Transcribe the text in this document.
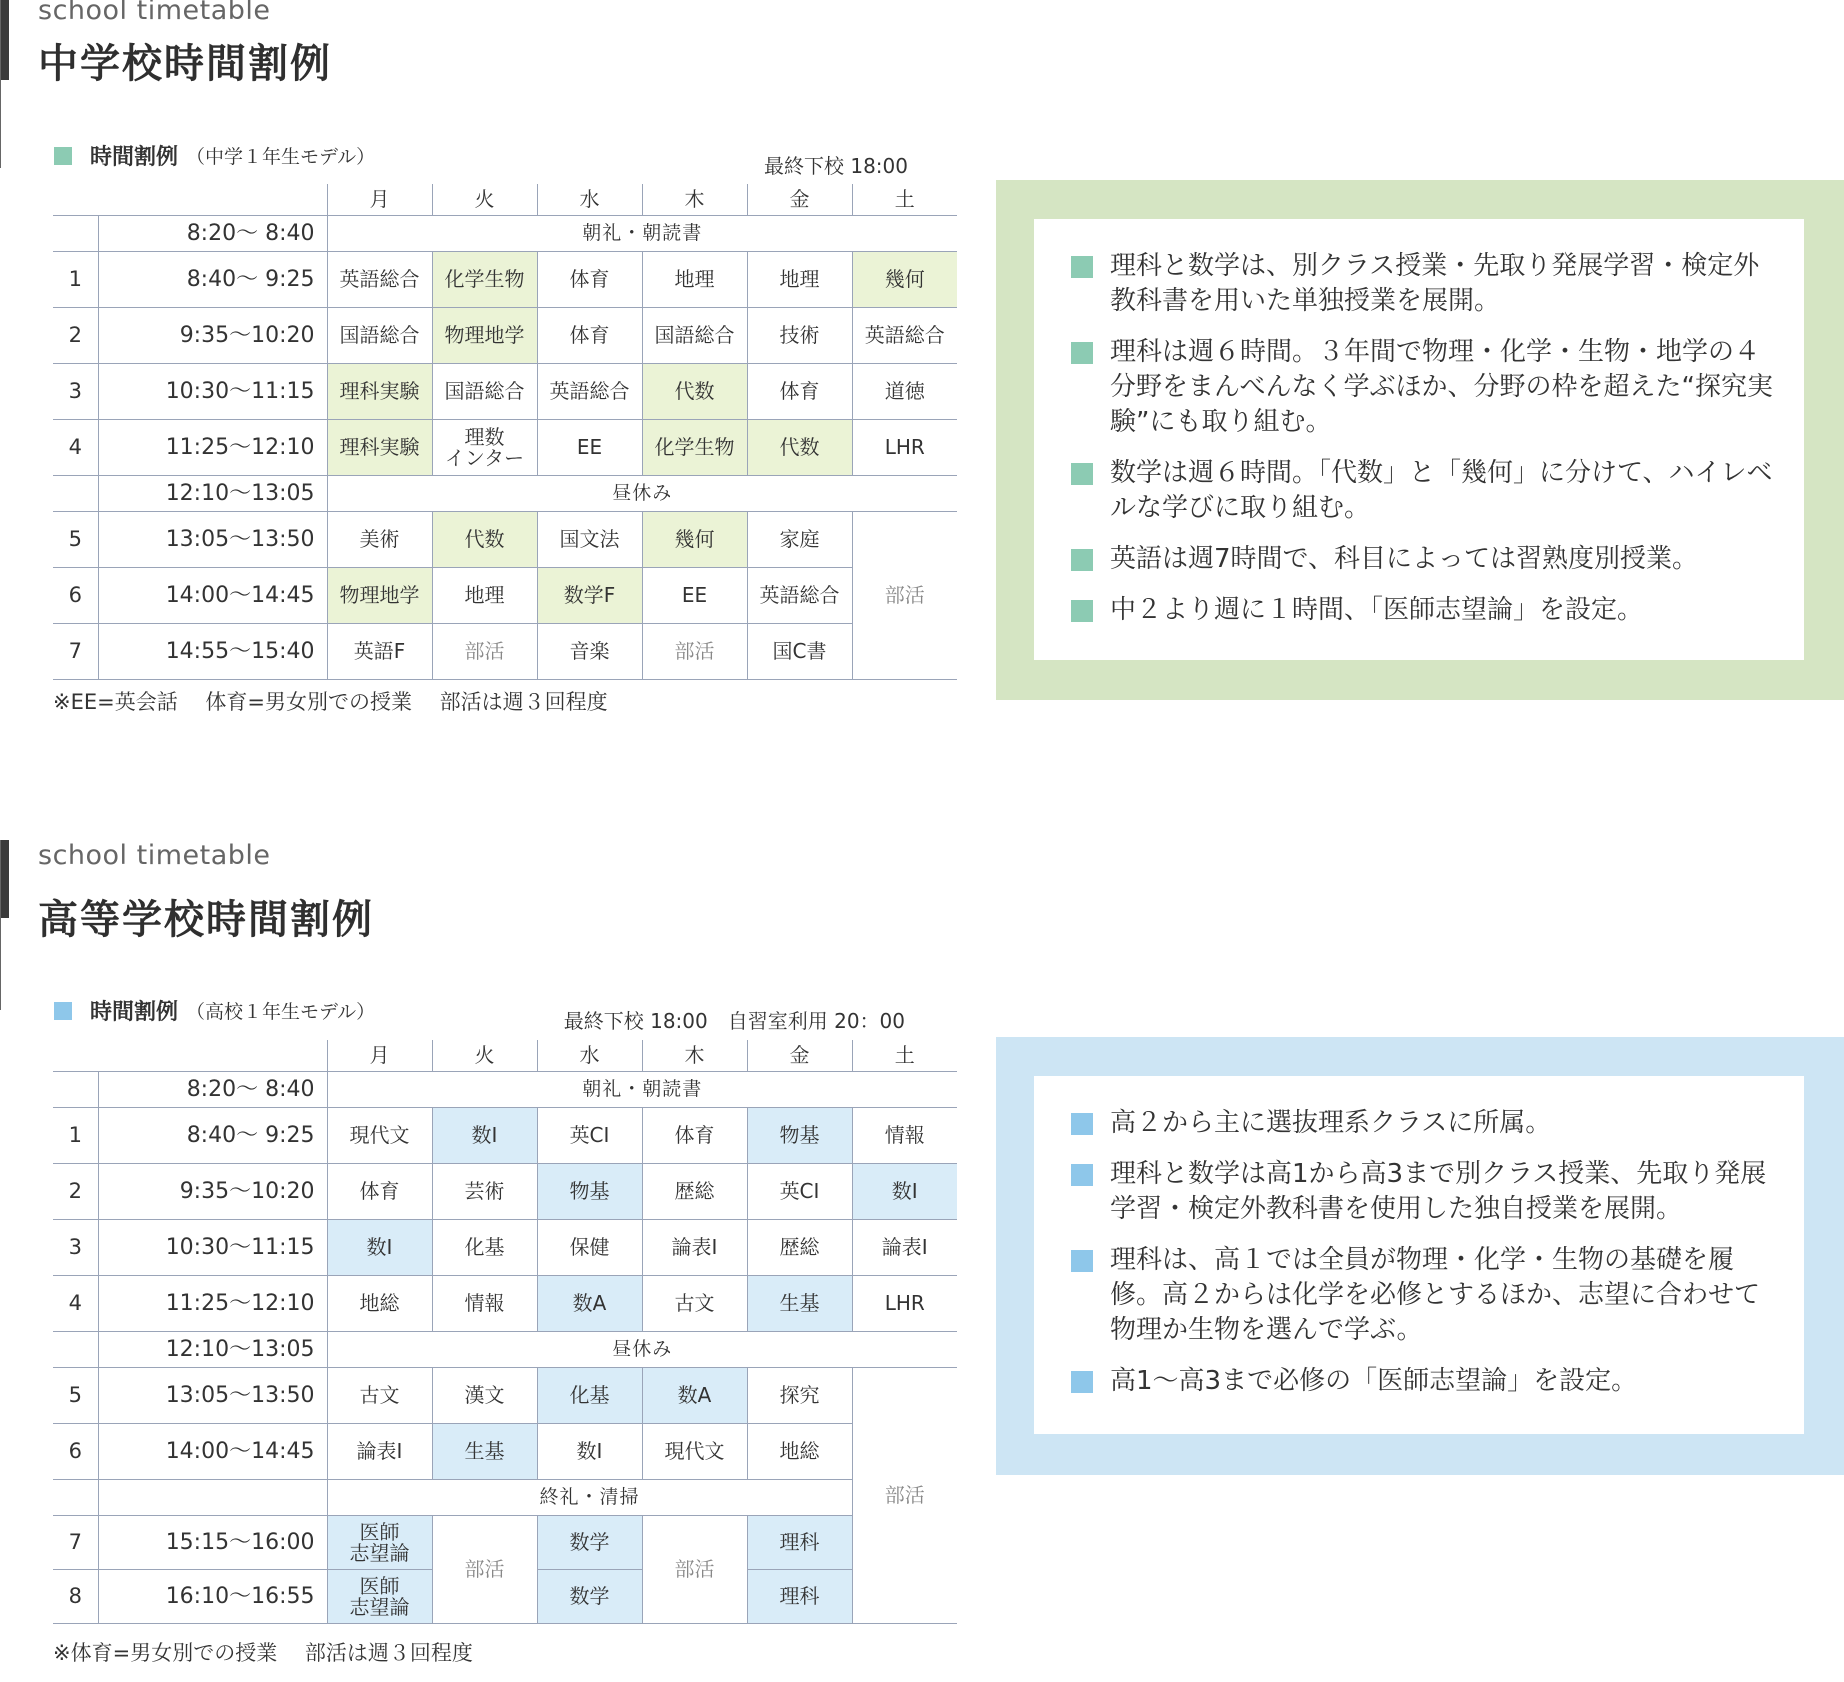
school timetable
中学校時間割例
時間割例 （中学１年生モデル）	最終下校 18:00
		月	火	水	木	金	土
	8:20～ 8:40	朝礼・朝読書					
1	8:40～ 9:25	英語総合	化学生物	体育	地理	地理	幾何
2	9:35～10:20	国語総合	物理地学	体育	国語総合	技術	英語総合
3	10:30～11:15	理科実験	国語総合	英語総合	代数	体育	道徳
4	11:25～12:10	理科実験	理数
インター	EE	化学生物	代数	LHR
	12:10～13:05	昼休み					
5	13:05～13:50	美術	代数	国文法	幾何	家庭	部活
6	14:00～14:45	物理地学	地理	数学F	EE	英語総合	
7	14:55～15:40	英語F	部活	音楽	部活	国C書	
※EE=英会話　 体育=男女別での授業　 部活は週３回程度
理科と数学は、別クラス授業・先取り発展学習・検定外教科書を用いた単独授業を展開。
理科は週６時間。３年間で物理・化学・生物・地学の４分野をまんべんなく学ぶほか、分野の枠を超えた“探究実験”にも取り組む。
数学は週６時間。「代数」と「幾何」に分けて、ハイレベルな学びに取り組む。
英語は週7時間で、科目によっては習熟度別授業。
中２より週に１時間、「医師志望論」を設定。
school timetable
高等学校時間割例
時間割例 （高校１年生モデル）	最終下校 18:00　自習室利用 20：00
		月	火	水	木	金	土
	8:20～ 8:40	朝礼・朝読書					
1	8:40～ 9:25	現代文	数I	英CI	体育	物基	情報
2	9:35～10:20	体育	芸術	物基	歴総	英CI	数I
3	10:30～11:15	数I	化基	保健	論表I	歴総	論表I
4	11:25～12:10	地総	情報	数A	古文	生基	LHR
	12:10～13:05	昼休み					
5	13:05～13:50	古文	漢文	化基	数A	探究	部活
6	14:00～14:45	論表I	生基	数I	現代文	地総	
		終礼・清掃					
7	15:15～16:00	医師
志望論	部活	数学	部活	理科	
8	16:10～16:55	医師
志望論		数学		理科	
※体育=男女別での授業　 部活は週３回程度
高２から主に選抜理系クラスに所属。
理科と数学は高1から高3まで別クラス授業、先取り発展学習・検定外教科書を使用した独自授業を展開。
理科は、高１では全員が物理・化学・生物の基礎を履修。高２からは化学を必修とするほか、志望に合わせて物理か生物を選んで学ぶ。
高1～高3まで必修の「医師志望論」を設定。
